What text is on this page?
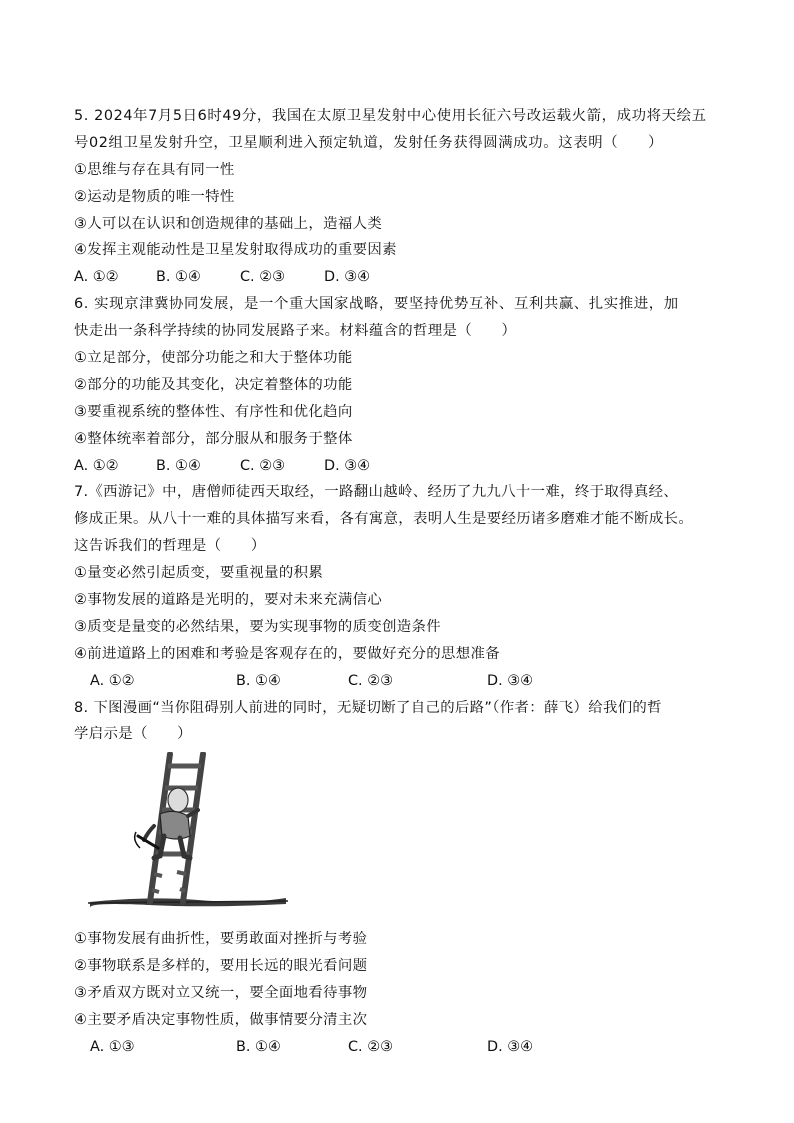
5. 2024年7月5日6时49分，我国在太原卫星发射中心使用长征六号改运载火箭，成功将天绘五
号02组卫星发射升空，卫星顺利进入预定轨道，发射任务获得圆满成功。这表明（　　）
①思维与存在具有同一性
②运动是物质的唯一特性
③人可以在认识和创造规律的基础上，造福人类
④发挥主观能动性是卫星发射取得成功的重要因素
A. ①②	B. ①④	C. ②③	D. ③④
6. 实现京津冀协同发展，是一个重大国家战略，要坚持优势互补、互利共赢、扎实推进，加
快走出一条科学持续的协同发展路子来。材料蕴含的哲理是（　　）
①立足部分，使部分功能之和大于整体功能
②部分的功能及其变化，决定着整体的功能
③要重视系统的整体性、有序性和优化趋向
④整体统率着部分，部分服从和服务于整体
A. ①②	B. ①④	C. ②③	D. ③④
7.《西游记》中，唐僧师徒西天取经，一路翻山越岭、经历了九九八十一难，终于取得真经、
修成正果。从八十一难的具体描写来看，各有寓意，表明人生是要经历诸多磨难才能不断成长。
这告诉我们的哲理是（　　）
①量变必然引起质变，要重视量的积累
②事物发展的道路是光明的，要对未来充满信心
③质变是量变的必然结果，要为实现事物的质变创造条件
④前进道路上的困难和考验是客观存在的，要做好充分的思想准备
A. ①②	B. ①④	C. ②③	D. ③④
8. 下图漫画“当你阻碍别人前进的同时，无疑切断了自己的后路”（作者：薛飞）给我们的哲
学启示是（　　）
①事物发展有曲折性，要勇敢面对挫折与考验
②事物联系是多样的，要用长远的眼光看问题
③矛盾双方既对立又统一，要全面地看待事物
④主要矛盾决定事物性质，做事情要分清主次
A. ①③	B. ①④	C. ②③	D. ③④
